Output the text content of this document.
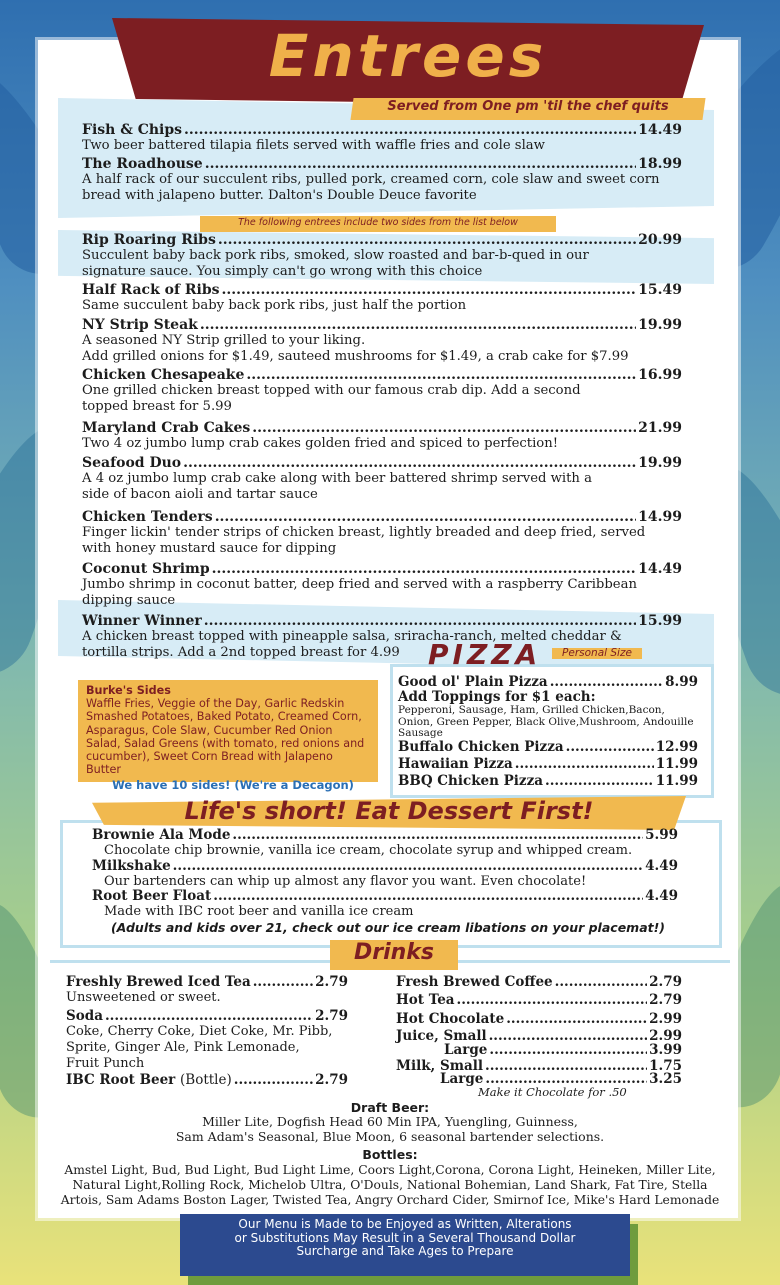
Entrees
Served from One pm 'til the chef quits
Fish & Chips .....	14.49
Two beer battered tilapia filets served with waffle fries and cole slaw
The Roadhouse .....	18.99
A half rack of our succulent ribs, pulled pork, creamed corn, cole slaw and sweet corn
bread with jalapeno butter. Dalton's Double Deuce favorite
Rip Roaring Ribs .....	20.99
Succulent baby back pork ribs, smoked, slow roasted and bar-b-qued in our
signature sauce. You simply can't go wrong with this choice
Half Rack of Ribs .....	15.49
Same succulent baby back pork ribs, just half the portion
NY Strip Steak .....	19.99
A seasoned NY Strip grilled to your liking.
Add grilled onions for $1.49, sauteed mushrooms for $1.49, a crab cake for $7.99
Chicken Chesapeake .....	16.99
One grilled chicken breast topped with our famous crab dip. Add a second
topped breast for 5.99
Maryland Crab Cakes .....	21.99
Two 4 oz jumbo lump crab cakes golden fried and spiced to perfection!
Seafood Duo .....	19.99
A 4 oz jumbo lump crab cake along with beer battered shrimp served with a
side of bacon aioli and tartar sauce
Chicken Tenders .....	14.99
Finger lickin' tender strips of chicken breast, lightly breaded and deep fried, served
with honey mustard sauce for dipping
Coconut Shrimp .....	14.49
Jumbo shrimp in coconut batter, deep fried and served with a raspberry Caribbean
dipping sauce
Winner Winner .....	15.99
A chicken breast topped with pineapple salsa, sriracha-ranch, melted cheddar &
tortilla strips. Add a 2nd topped breast for 4.99
The following entrees include two sides from the list below
Burke's Sides
Waffle Fries, Veggie of the Day, Garlic Redskin Smashed Potatoes, Baked Potato, Creamed Corn, Asparagus, Cole Slaw, Cucumber Red Onion Salad, Salad Greens (with tomato, red onions and cucumber), Sweet Corn Bread with Jalapeno Butter
We have 10 sides! (We're a Decagon)
PIZZA	Personal Size
Good ol' Plain Pizza .....	8.99
Add Toppings for $1 each:
Pepperoni, Sausage, Ham, Grilled Chicken,Bacon, Onion, Green Pepper, Black Olive,Mushroom, Andouille Sausage
Buffalo Chicken Pizza .....	12.99
Hawaiian Pizza .....	11.99
BBQ Chicken Pizza .....	11.99
Life's short! Eat Dessert First!
Brownie Ala Mode .....	5.99
Chocolate chip brownie, vanilla ice cream, chocolate syrup and whipped cream.
Milkshake .....	4.49
Our bartenders can whip up almost any flavor you want. Even chocolate!
Root Beer Float .....	4.49
Made with IBC root beer and vanilla ice cream
(Adults and kids over 21, check out our ice cream libations on your placemat!)
Drinks
Freshly Brewed Iced Tea .....	2.79
Unsweetened or sweet.
Soda .....	2.79
Coke, Cherry Coke, Diet Coke, Mr. Pibb,
Sprite, Ginger Ale, Pink Lemonade,
Fruit Punch
IBC Root Beer (Bottle) .....	2.79
Fresh Brewed Coffee .....	2.79
Hot Tea .....	2.79
Hot Chocolate .....	2.99
Juice, Small .....	2.99
Large .....	3.99
Milk, Small .....	1.75
Large .....	3.25
Make it Chocolate for .50
Draft Beer:
Miller Lite, Dogfish Head 60 Min IPA, Yuengling, Guinness,
Sam Adam's Seasonal, Blue Moon, 6 seasonal bartender selections.
Bottles:
Amstel Light, Bud, Bud Light, Bud Light Lime, Coors Light,Corona, Corona Light, Heineken, Miller Lite,
Natural Light,Rolling Rock, Michelob Ultra, O'Douls, National Bohemian, Land Shark, Fat Tire, Stella
Artois, Sam Adams Boston Lager, Twisted Tea, Angry Orchard Cider, Smirnof Ice, Mike's Hard Lemonade
Our Menu is Made to be Enjoyed as Written, Alterations
or Substitutions May Result in a Several Thousand Dollar
Surcharge and Take Ages to Prepare
